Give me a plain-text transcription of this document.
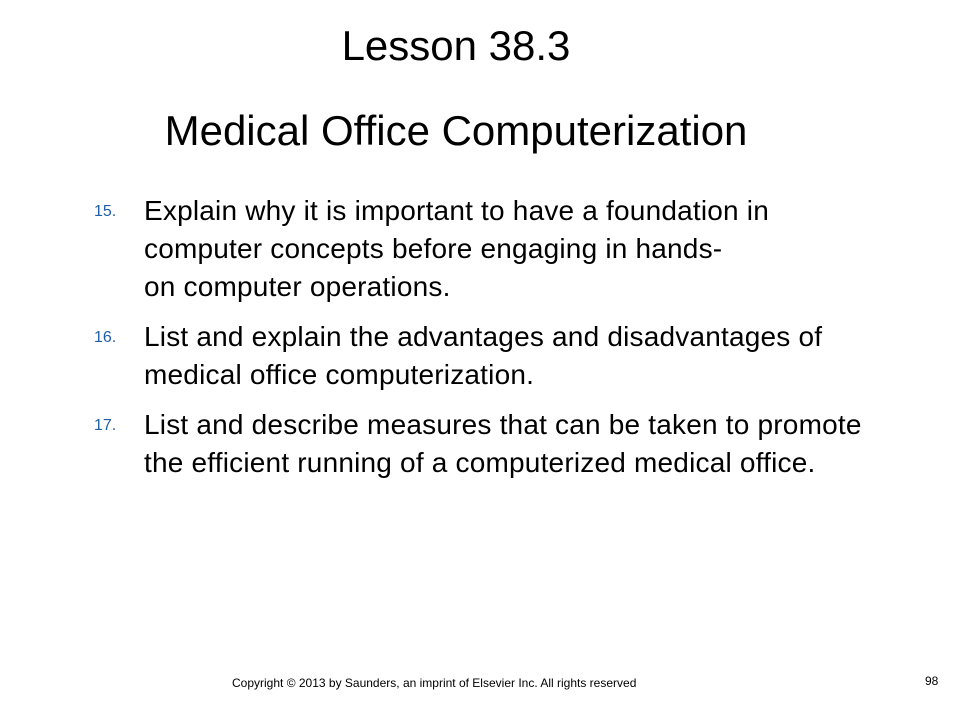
Lesson 38.3
Medical Office Computerization
15. Explain why it is important to have a foundation in computer concepts before engaging in hands-
on computer operations.
16. List and explain the advantages and disadvantages of medical office computerization.
17. List and describe measures that can be taken to promote the efficient running of a computerized medical office.
Copyright © 2013 by Saunders, an imprint of Elsevier Inc. All rights reserved	98
